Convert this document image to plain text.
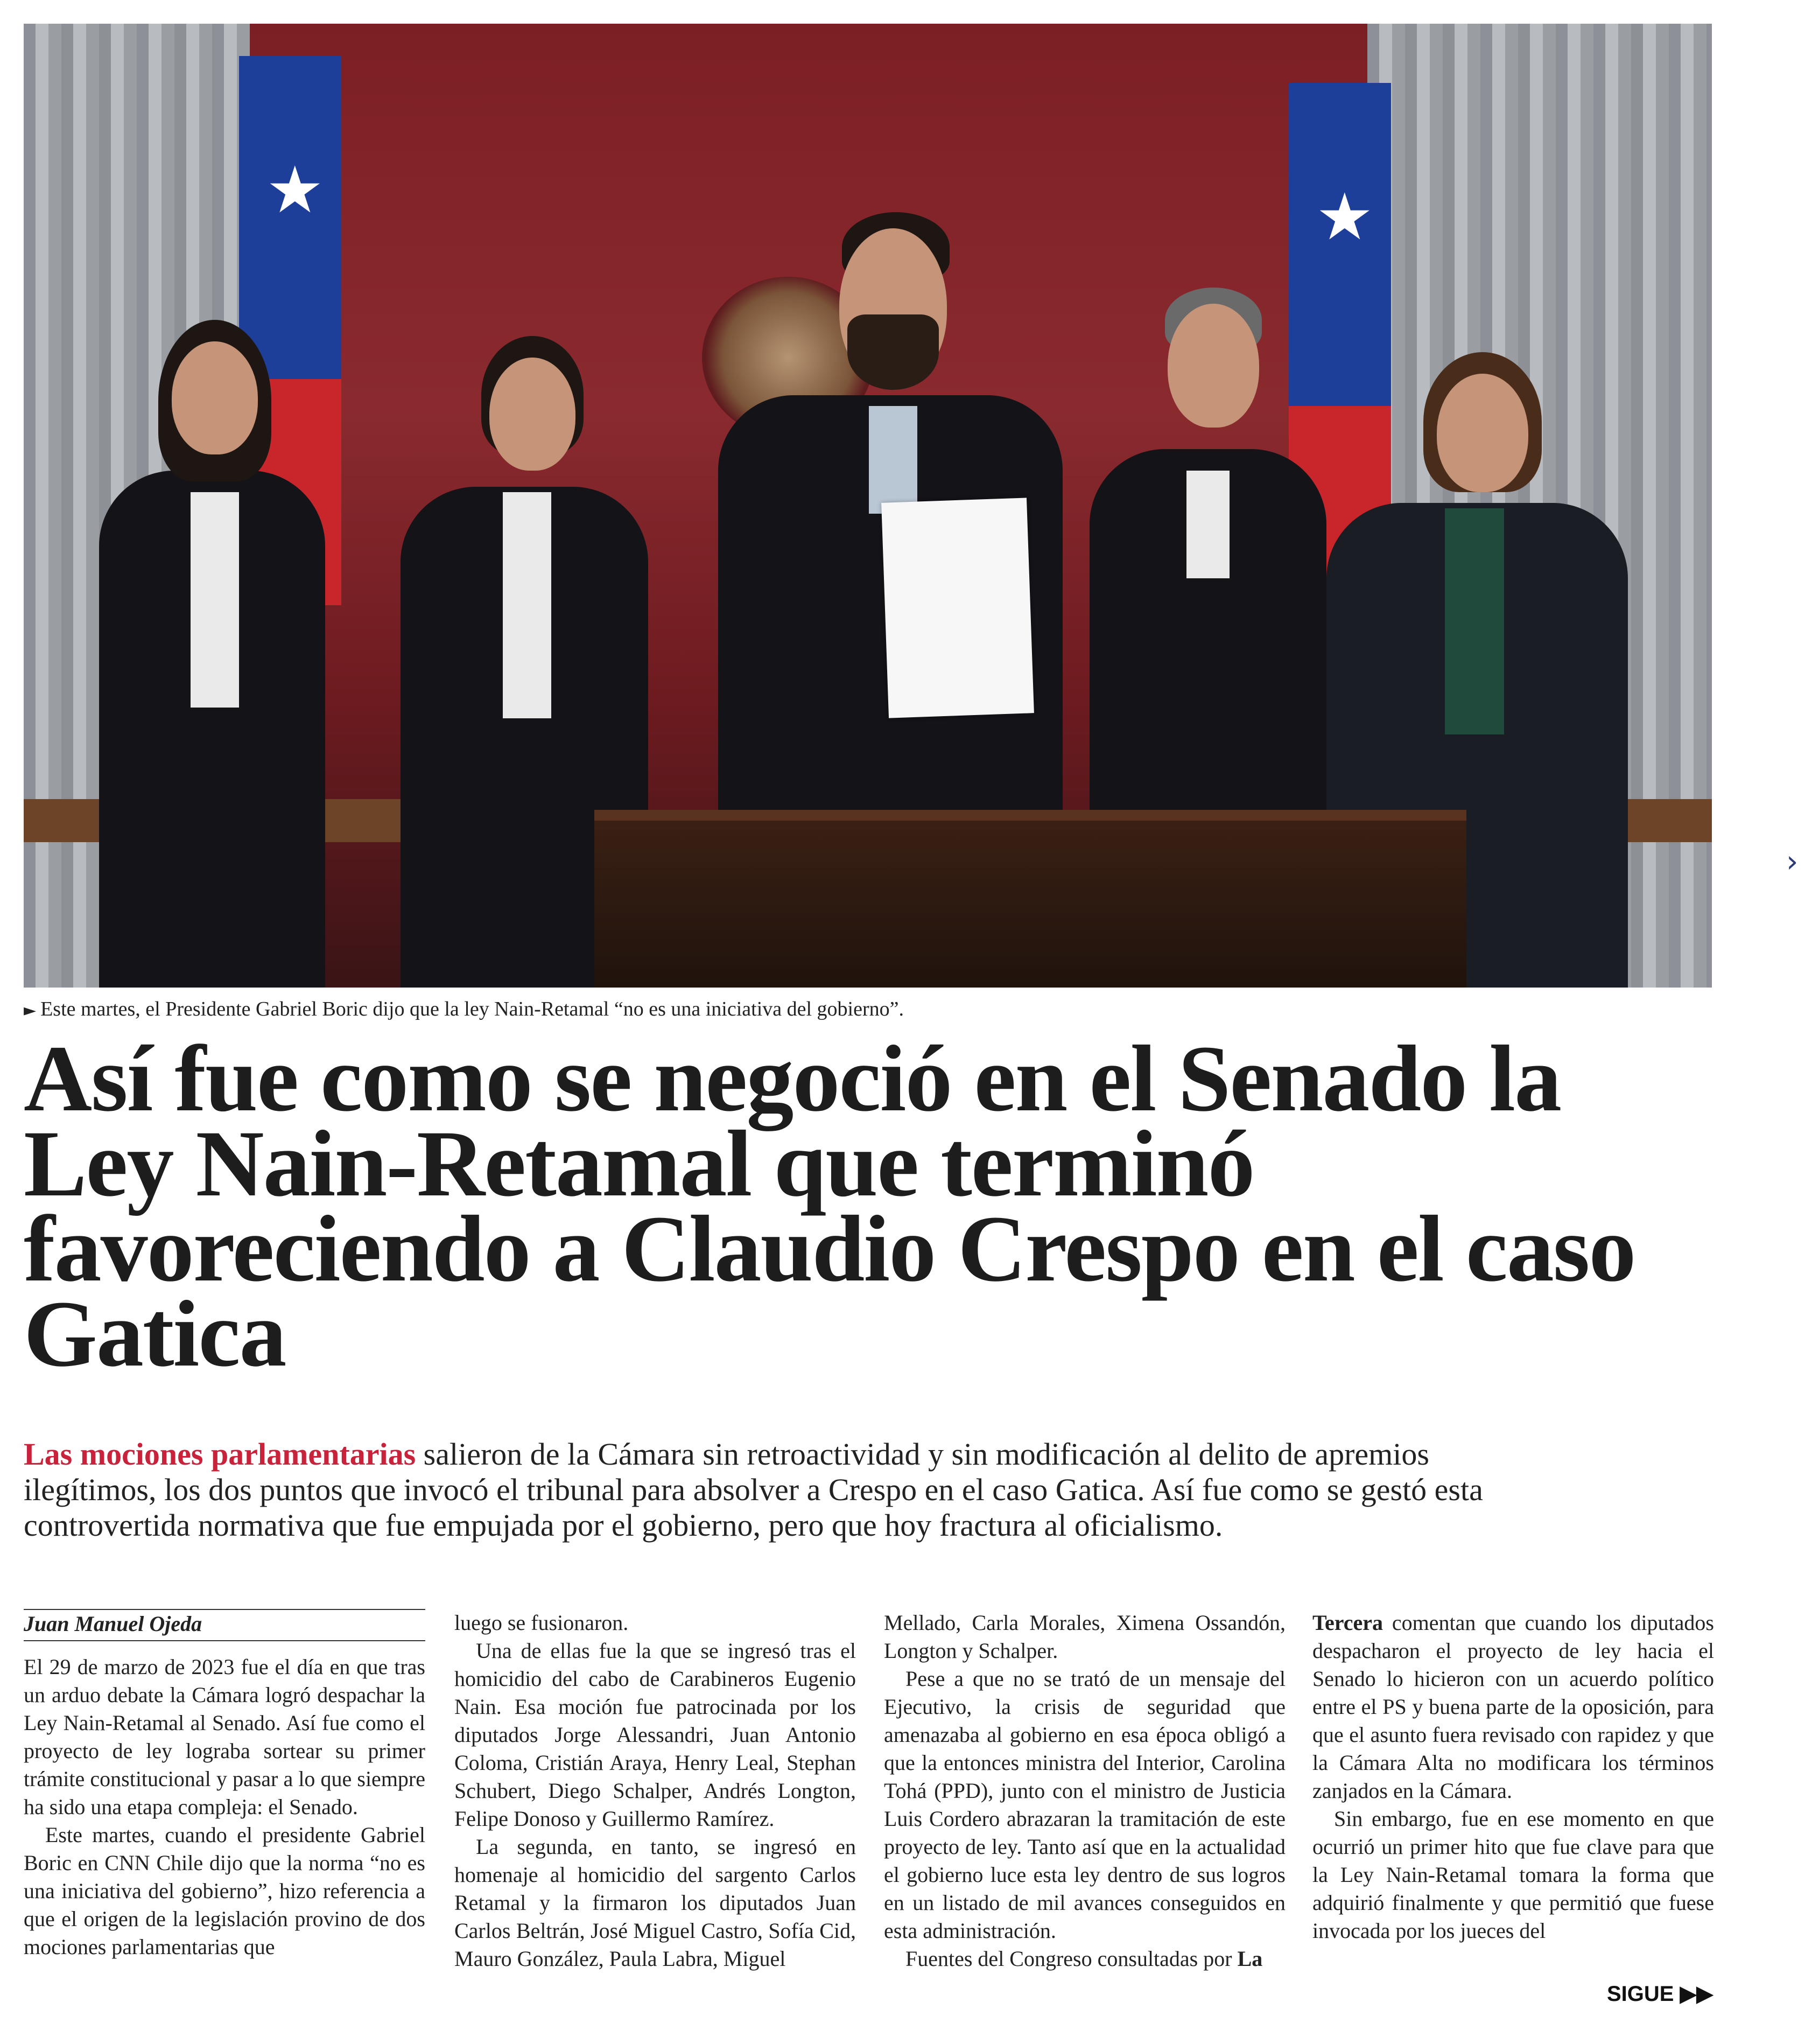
★	★
›
► Este martes, el Presidente Gabriel Boric dijo que la ley Nain-Retamal “no es una iniciativa del gobierno”.
Así fue como se negoció en el Senado la Ley Nain-Retamal que terminó favoreciendo a Claudio Crespo en el caso Gatica

Las mociones parlamentarias salieron de la Cámara sin retroactividad y sin modificación al delito de apremios ilegítimos, los dos puntos que invocó el tribunal para absolver a Crespo en el caso Gatica. Así fue como se gestó esta controvertida normativa que fue empujada por el gobierno, pero que hoy fractura al oficialismo.

Juan Manuel Ojeda

El 29 de marzo de 2023 fue el día en que tras un arduo debate la Cámara logró despachar la Ley Nain-Retamal al Senado. Así fue como el proyecto de ley lograba sortear su primer trámite constitucional y pasar a lo que siempre ha sido una etapa compleja: el Senado.

Este martes, cuando el presidente Gabriel Boric en CNN Chile dijo que la norma “no es una iniciativa del gobierno”, hizo referencia a que el origen de la legislación provino de dos mociones parlamentarias que

luego se fusionaron.

Una de ellas fue la que se ingresó tras el homicidio del cabo de Carabineros Eugenio Nain. Esa moción fue patrocinada por los diputados Jorge Alessandri, Juan Antonio Coloma, Cristián Araya, Henry Leal, Stephan Schubert, Diego Schalper, Andrés Longton, Felipe Donoso y Guillermo Ramírez.

La segunda, en tanto, se ingresó en homenaje al homicidio del sargento Carlos Retamal y la firmaron los diputados Juan Carlos Beltrán, José Miguel Castro, Sofía Cid, Mauro González, Paula Labra, Miguel

Mellado, Carla Morales, Ximena Ossandón, Longton y Schalper.

Pese a que no se trató de un mensaje del Ejecutivo, la crisis de seguridad que amenazaba al gobierno en esa época obligó a que la entonces ministra del Interior, Carolina Tohá (PPD), junto con el ministro de Justicia Luis Cordero abrazaran la tramitación de este proyecto de ley. Tanto así que en la actualidad el gobierno luce esta ley dentro de sus logros en un listado de mil avances conseguidos en esta administración.

Fuentes del Congreso consultadas por La

Tercera comentan que cuando los diputados despacharon el proyecto de ley hacia el Senado lo hicieron con un acuerdo político entre el PS y buena parte de la oposición, para que el asunto fuera revisado con rapidez y que la Cámara Alta no modificara los términos zanjados en la Cámara.

Sin embargo, fue en ese momento en que ocurrió un primer hito que fue clave para que la Ley Nain-Retamal tomara la forma que adquirió finalmente y que permitió que fuese invocada por los jueces del

SIGUE ▶▶
